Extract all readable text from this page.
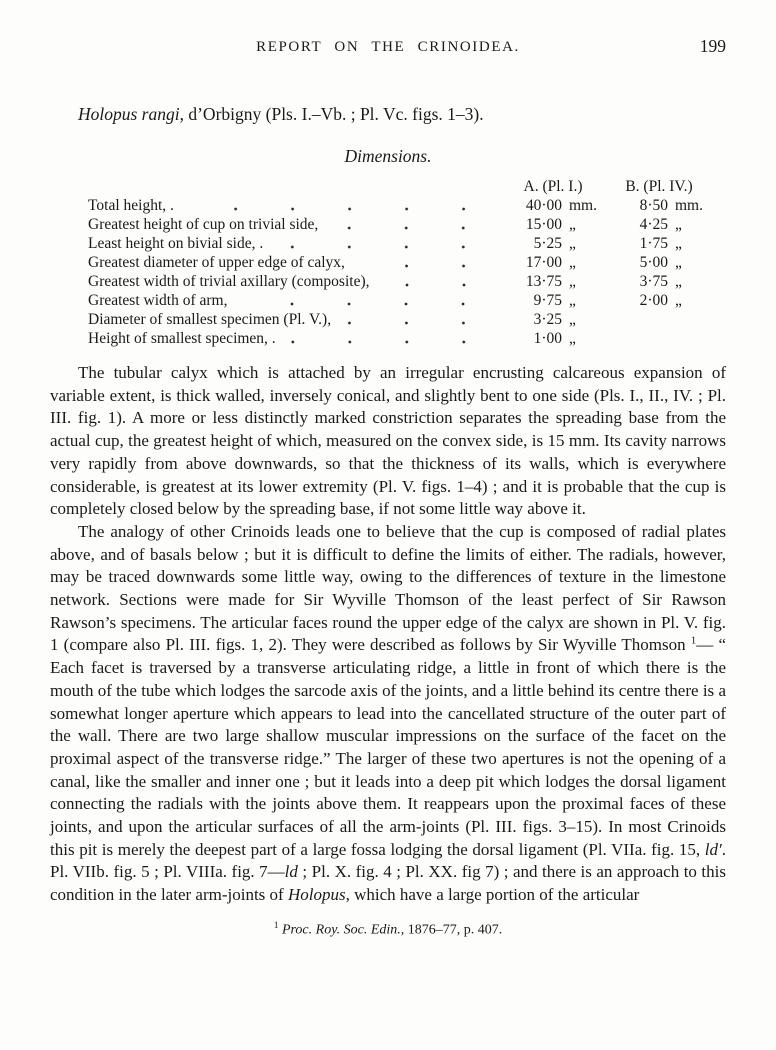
REPORT ON THE CRINOIDEA.	199
Holopus rangi, d’Orbigny (Pls. I.–Vb. ; Pl. Vc. figs. 1–3).
Dimensions.
A. (Pl. I.)	B. (Pl. IV.)
Total height, .	40·00 mm.	8·50 mm.
Greatest height of cup on trivial side,	15·00 „	4·25 „
Least height on bivial side, .	5·25 „	1·75 „
Greatest diameter of upper edge of calyx,	17·00 „	5·00 „
Greatest width of trivial axillary (composite),	13·75 „	3·75 „
Greatest width of arm,	9·75 „	2·00 „
Diameter of smallest specimen (Pl. V.),	3·25 „
Height of smallest specimen, .	1·00 „

The tubular calyx which is attached by an irregular encrusting calcareous expansion of variable extent, is thick walled, inversely conical, and slightly bent to one side (Pls. I., II., IV. ; Pl. III. fig. 1). A more or less distinctly marked constriction separates the spreading base from the actual cup, the greatest height of which, measured on the convex side, is 15 mm. Its cavity narrows very rapidly from above downwards, so that the thickness of its walls, which is everywhere considerable, is greatest at its lower extremity (Pl. V. figs. 1–4) ; and it is probable that the cup is completely closed below by the spreading base, if not some little way above it.

The analogy of other Crinoids leads one to believe that the cup is composed of radial plates above, and of basals below ; but it is difficult to define the limits of either. The radials, however, may be traced downwards some little way, owing to the differences of texture in the limestone network. Sections were made for Sir Wyville Thomson of the least perfect of Sir Rawson Rawson’s specimens. The articular faces round the upper edge of the calyx are shown in Pl. V. fig. 1 (compare also Pl. III. figs. 1, 2). They were described as follows by Sir Wyville Thomson $^1$— “ Each facet is traversed by a transverse articulating ridge, a little in front of which there is the mouth of the tube which lodges the sarcode axis of the joints, and a little behind its centre there is a somewhat longer aperture which appears to lead into the cancellated structure of the outer part of the wall. There are two large shallow muscular impressions on the surface of the facet on the proximal aspect of the transverse ridge.” The larger of these two apertures is not the opening of a canal, like the smaller and inner one ; but it leads into a deep pit which lodges the dorsal ligament connecting the radials with the joints above them. It reappears upon the proximal faces of these joints, and upon the articular surfaces of all the arm-joints (Pl. III. figs. 3–15). In most Crinoids this pit is merely the deepest part of a large fossa lodging the dorsal ligament (Pl. VIIa. fig. 15, ld′. Pl. VIIb. fig. 5 ; Pl. VIIIa. fig. 7—ld ; Pl. X. fig. 4 ; Pl. XX. fig 7) ; and there is an approach to this condition in the later arm-joints of Holopus, which have a large portion of the articular

$^1$ Proc. Roy. Soc. Edin., 1876–77, p. 407.
